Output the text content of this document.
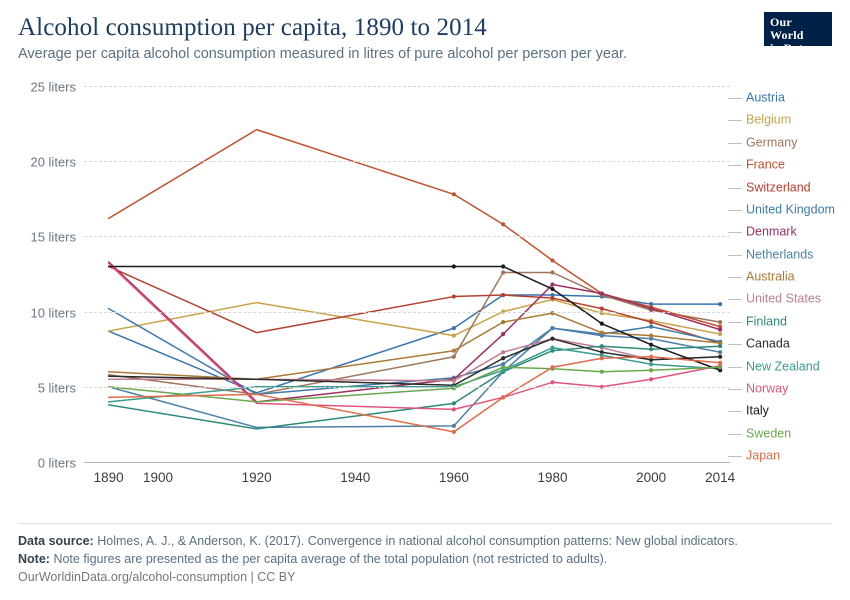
Alcohol consumption per capita, 1890 to 2014

Average per capita alcohol consumption measured in litres of pure alcohol per person per year.

Our World
in Data
0 liters
5 liters
10 liters
15 liters
20 liters
25 liters
1890 1900	1920	1940	1960	1980	2000	2014
Austria
Belgium
Germany
France
Switzerland
United Kingdom
Denmark
Netherlands
Australia
United States
Finland
Canada
New Zealand
Norway
Italy
Sweden
Japan
Data source: Holmes, A. J., & Anderson, K. (2017). Convergence in national alcohol consumption patterns: New global indicators.
Note: Note figures are presented as the per capita average of the total population (not restricted to adults).
OurWorldinData.org/alcohol-consumption | CC BY
